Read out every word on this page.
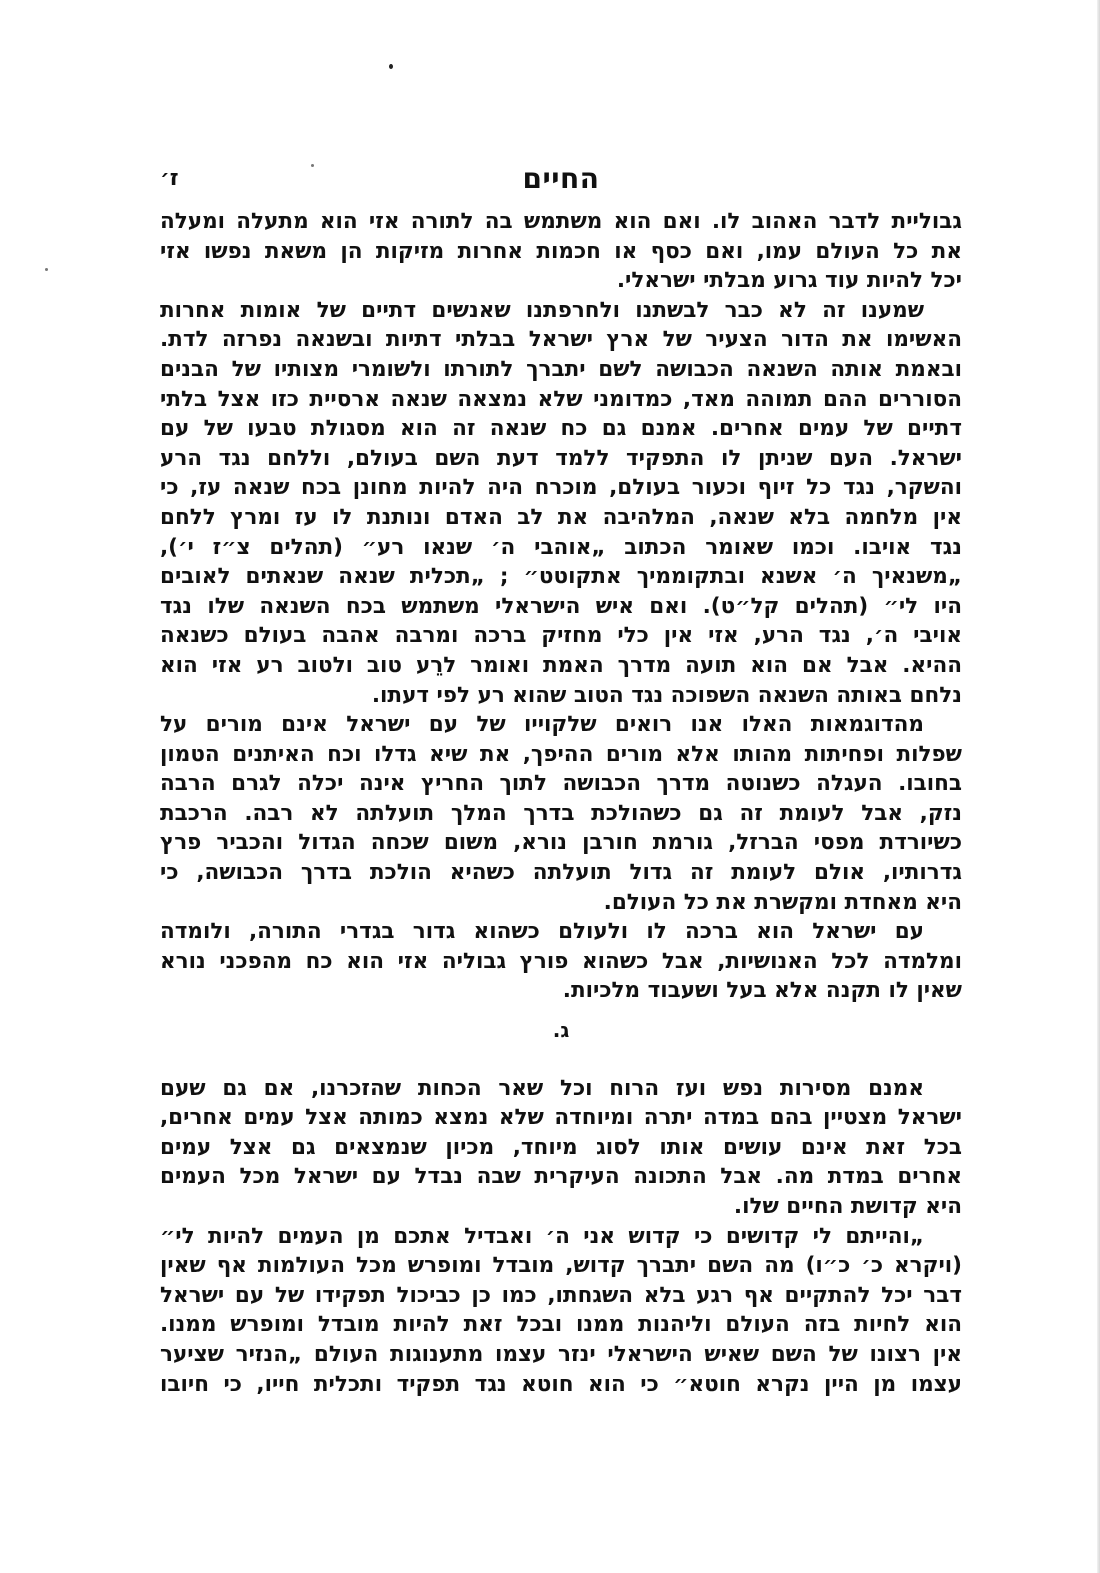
החיים
ז׳
גבוליית לדבר האהוב לו. ואם הוא משתמש בה לתורה אזי הוא מתעלה ומעלה
את כל העולם עמו, ואם כסף או חכמות אחרות מזיקות הן משאת נפשו אזי
יכל להיות עוד גרוע מבלתי ישראלי.
שמענו זה לא כבר לבשתנו ולחרפתנו שאנשים דתיים של אומות אחרות
האשימו את הדור הצעיר של ארץ ישראל בבלתי דתיות ובשנאה נפרזה לדת.
ובאמת אותה השנאה הכבושה לשם יתברך לתורתו ולשומרי מצותיו של הבנים
הסוררים ההם תמוהה מאד, כמדומני שלא נמצאה שנאה ארסיית כזו אצל בלתי
דתיים של עמים אחרים. אמנם גם כח שנאה זה הוא מסגולת טבעו של עם
ישראל. העם שניתן לו התפקיד ללמד דעת השם בעולם, וללחם נגד הרע
והשקר, נגד כל זיוף וכעור בעולם, מוכרח היה להיות מחונן בכח שנאה עז, כי
אין מלחמה בלא שנאה, המלהיבה את לב האדם ונותנת לו עז ומרץ ללחם
נגד אויבו. וכמו שאומר הכתוב „אוהבי ה׳ שנאו רע״ (תהלים צ״ז י׳),
„משנאיך ה׳ אשנא ובתקוממיך אתקוטט״ ; „תכלית שנאה שנאתים לאובים
היו לי״ (תהלים קל״ט). ואם איש הישראלי משתמש בכח השנאה שלו נגד
אויבי ה׳, נגד הרע, אזי אין כלי מחזיק ברכה ומרבה אהבה בעולם כשנאה
ההיא. אבל אם הוא תועה מדרך האמת ואומר לרֵע טוב ולטוב רע אזי הוא
נלחם באותה השנאה השפוכה נגד הטוב שהוא רע לפי דעתו.
מהדוגמאות האלו אנו רואים שלקוייו של עם ישראל אינם מורים על
שפלות ופחיתות מהותו אלא מורים ההיפך, את שיא גדלו וכח האיתנים הטמון
בחובו. העגלה כשנוטה מדרך הכבושה לתוך החריץ אינה יכלה לגרם הרבה
נזק, אבל לעומת זה גם כשהולכת בדרך המלך תועלתה לא רבה. הרכבת
כשיורדת מפסי הברזל, גורמת חורבן נורא, משום שכחה הגדול והכביר פרץ
גדרותיו, אולם לעומת זה גדול תועלתה כשהיא הולכת בדרך הכבושה, כי
היא מאחדת ומקשרת את כל העולם.
עם ישראל הוא ברכה לו ולעולם כשהוא גדור בגדרי התורה, ולומדה
ומלמדה לכל האנושיות, אבל כשהוא פורץ גבוליה אזי הוא כח מהפכני נורא
שאין לו תקנה אלא בעל ושעבוד מלכיות.
ג.
אמנם מסירות נפש ועז הרוח וכל שאר הכחות שהזכרנו, אם גם שעם
ישראל מצטיין בהם במדה יתרה ומיוחדה שלא נמצא כמותה אצל עמים אחרים,
בכל זאת אינם עושים אותו לסוג מיוחד, מכיון שנמצאים גם אצל עמים
אחרים במדת מה. אבל התכונה העיקרית שבה נבדל עם ישראל מכל העמים
היא קדושת החיים שלו.
„והייתם לי קדושים כי קדוש אני ה׳ ואבדיל אתכם מן העמים להיות לי״
(ויקרא כ׳ כ״ו) מה השם יתברך קדוש, מובדל ומופרש מכל העולמות אף שאין
דבר יכל להתקיים אף רגע בלא השגחתו, כמו כן כביכול תפקידו של עם ישראל
הוא לחיות בזה העולם וליהנות ממנו ובכל זאת להיות מובדל ומופרש ממנו.
אין רצונו של השם שאיש הישראלי ינזר עצמו מתענוגות העולם „הנזיר שציער
עצמו מן היין נקרא חוטא״ כי הוא חוטא נגד תפקיד ותכלית חייו, כי חיובו
